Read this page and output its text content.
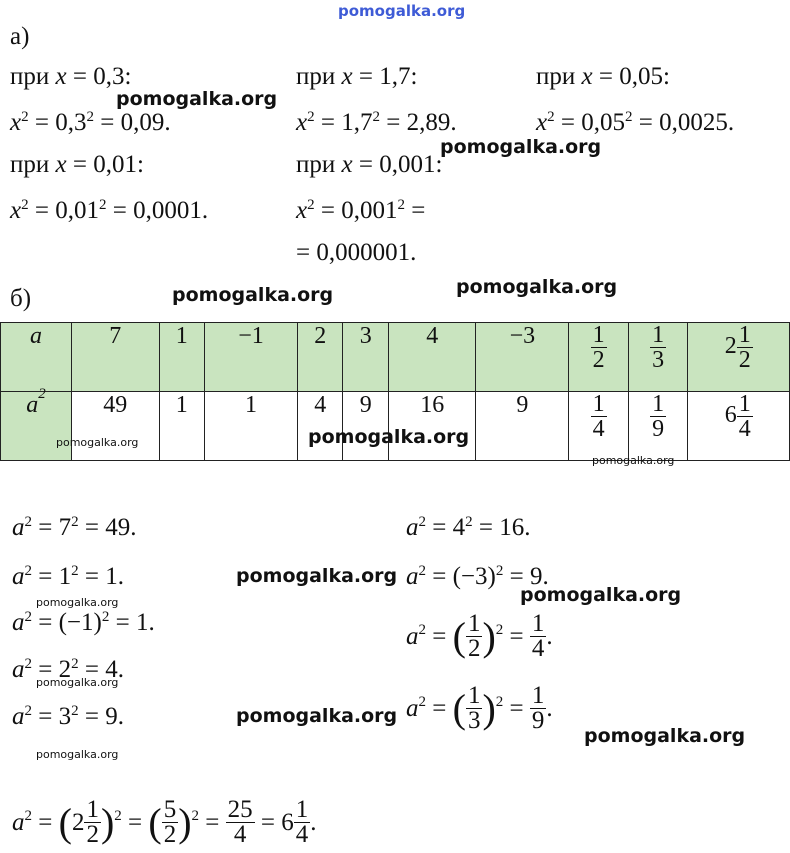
pomogalka.org
а)
при x = 0,3:
$x^2 = 0,3^2 = 0,09$.
при x = 1,7:
$x^2 = 1,7^2 = 2,89$.
при x = 0,05:
$x^2 = 0,05^2 = 0,0025$.
при x = 0,01:
$x^2 = 0,01^2 = 0,0001$.
при x = 0,001:
$x^2 = 0,001^2$ =
= 0,000001.
pomogalka.org
pomogalka.org
б)	pomogalka.org	pomogalka.org
a	7	1	−1	2	3	4	−3	$\frac{1}{2}$	$\frac{1}{3}$	$2 \frac{1}{2}$

$a^2$	49	1	1	4	9	16	9	$\frac{1}{4}$	$\frac{1}{9}$	$6 \frac{1}{4}$
pomogalka.org	pomogalka.org
pomogalka.org
$a^2 = 7^2 = 49$.
$a^2 = 1^2 = 1$.
$a^2 = (-1)^2 = 1$.
$a^2 = 2^2 = 4$.
$a^2 = 3^2 = 9$.
$a^2 = 4^2 = 16$.
$a^2 = (-3)^2 = 9$.
$a^2$ = ( $\frac{1}{2} )^2 = \frac{1}{4}$ .
$a^2$ = ( $\frac{1}{3} )^2 = \frac{1}{9}$ .
pomogalka.org
pomogalka.org
pomogalka.org
pomogalka.org
pomogalka.org
pomogalka.org
pomogalka.org
$a^2$ = ( $2 \frac{1}{2} )^2$ = ( $\frac{5}{2} )^2 = \frac{25}{4} = 6 \frac{1}{4}$ .
